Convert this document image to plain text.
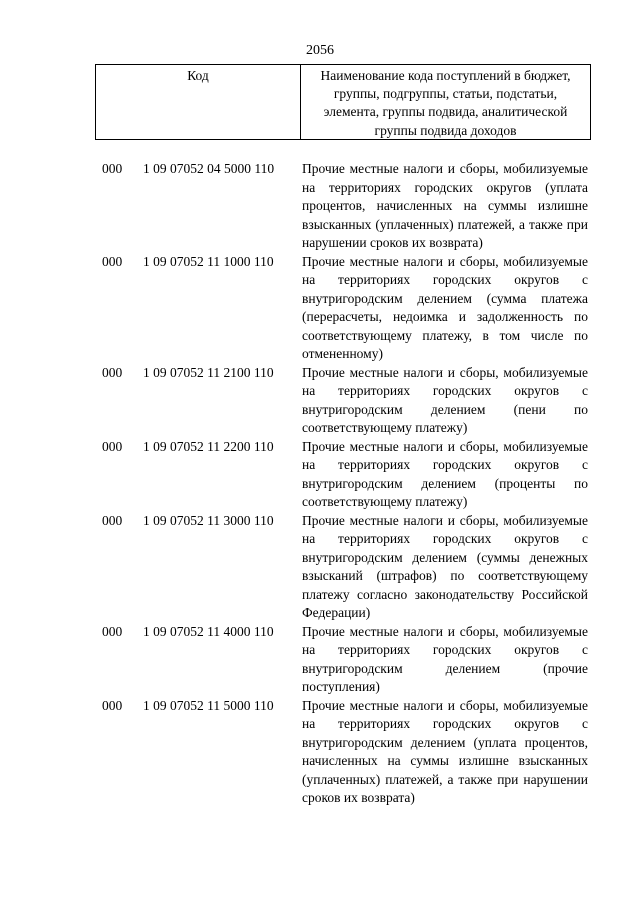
2056
Код	Наименование кода поступлений в бюджет, группы, подгруппы, статьи, подстатьи, элемента, группы подвида, аналитической группы подвида доходов
000 1 09 07052 04 5000 110 Прочие местные налоги и сборы, мобилизуемые на территориях городских округов (уплата процентов, начисленных на суммы излишне взысканных (уплаченных) платежей, а также при нарушении сроков их возврата)
000 1 09 07052 11 1000 110 Прочие местные налоги и сборы, мобилизуемые на территориях городских округов с внутригородским делением (сумма платежа (перерасчеты, недоимка и задолженность по соответствующему платежу, в том числе по отмененному)
000 1 09 07052 11 2100 110 Прочие местные налоги и сборы, мобилизуемые на территориях городских округов с внутригородским делением (пени по соответствующему платежу)
000 1 09 07052 11 2200 110 Прочие местные налоги и сборы, мобилизуемые на территориях городских округов с внутригородским делением (проценты по соответствующему платежу)
000 1 09 07052 11 3000 110 Прочие местные налоги и сборы, мобилизуемые на территориях городских округов с внутригородским делением (суммы денежных взысканий (штрафов) по соответствующему платежу согласно законодательству Российской Федерации)
000 1 09 07052 11 4000 110 Прочие местные налоги и сборы, мобилизуемые на территориях городских округов с внутригородским делением (прочие поступления)
000 1 09 07052 11 5000 110 Прочие местные налоги и сборы, мобилизуемые на территориях городских округов с внутригородским делением (уплата процентов, начисленных на суммы излишне взысканных (уплаченных) платежей, а также при нарушении сроков их возврата)
